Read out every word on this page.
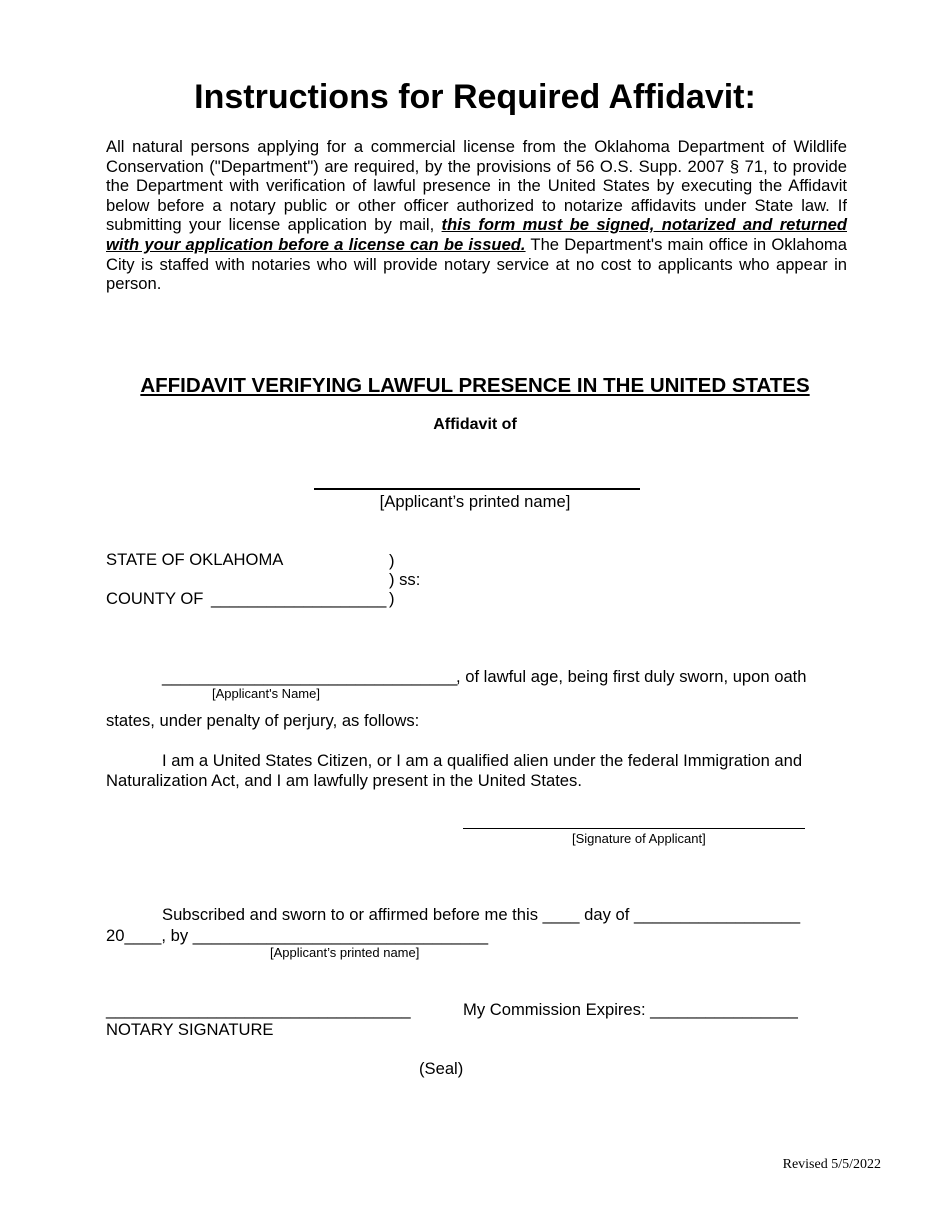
Instructions for Required Affidavit:

All natural persons applying for a commercial license from the Oklahoma Department of Wildlife Conservation ("Department") are required, by the provisions of 56 O.S. Supp. 2007 § 71, to provide the Department with verification of lawful presence in the United States by executing the Affidavit below before a notary public or other officer authorized to notarize affidavits under State law. If submitting your license application by mail, this form must be signed, notarized and returned with your application before a license can be issued. The Department's main office in Oklahoma City is staffed with notaries who will provide notary service at no cost to applicants who appear in person.

AFFIDAVIT VERIFYING LAWFUL PRESENCE IN THE UNITED STATES
Affidavit of
[Applicant’s printed name]
STATE OF OKLAHOMA	)
) ss:
COUNTY OF ___________________ )
________________________________
, of lawful age, being first duly sworn, upon oath
[Applicant's Name]
states, under penalty of perjury, as follows:
I am a United States Citizen, or I am a qualified alien under the federal Immigration and
Naturalization Act, and I am lawfully present in the United States.
[Signature of Applicant]
Subscribed and sworn to or affirmed before me this ____ day of __________________
20____, by ________________________________
[Applicant’s printed name]
_________________________________	My Commission Expires: ________________
NOTARY SIGNATURE
(Seal)
Revised 5/5/2022
